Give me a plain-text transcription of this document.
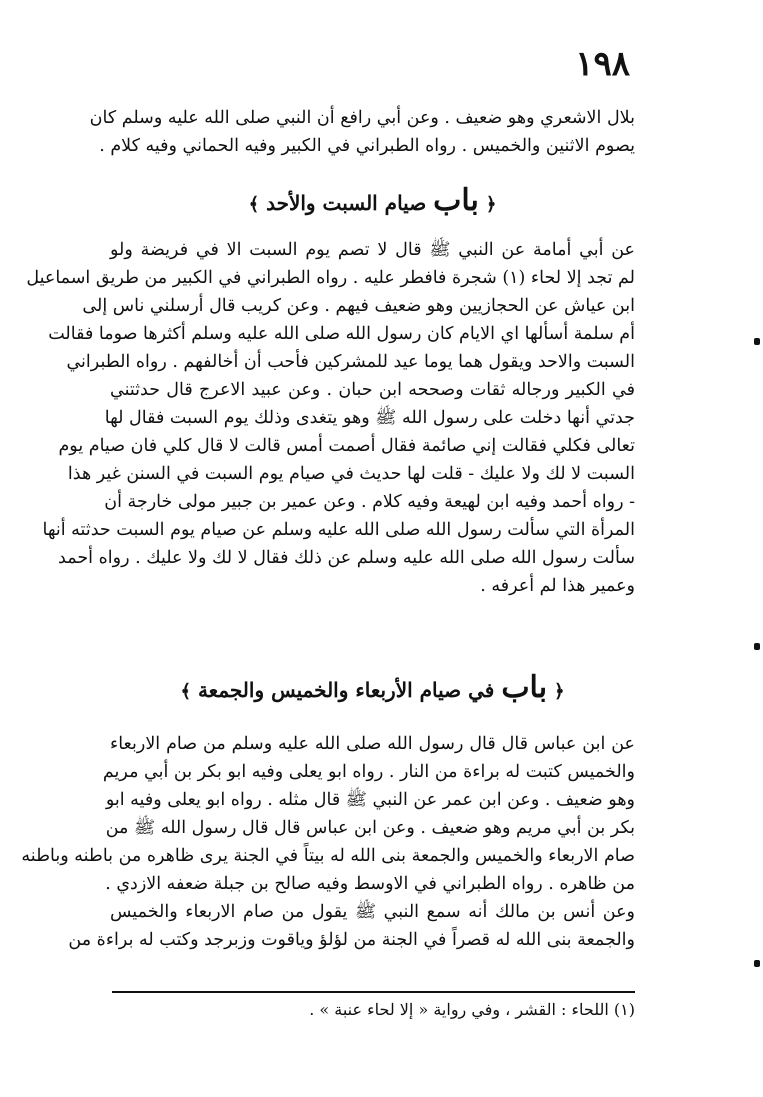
١٩٨
بلال الاشعري وهو ضعيف . وعن أبي رافع أن النبي صلى الله عليه وسلم كان
يصوم الاثنين والخميس . رواه الطبراني في الكبير وفيه الحماني وفيه كلام .
﴿ باب صيام السبت والأحد ﴾
عن أبي أمامة عن النبي ﷺ قال لا تصم يوم السبت الا في فريضة ولو
لم تجد إلا لحاء (١) شجرة فافطر عليه . رواه الطبراني في الكبير من طريق اسماعيل
ابن عياش عن الحجازيين وهو ضعيف فيهم . وعن كريب قال أرسلني ناس إلى
أم سلمة أسألها اي الايام كان رسول الله صلى الله عليه وسلم أكثرها صوما فقالت
السبت والاحد ويقول هما يوما عيد للمشركين فأحب أن أخالفهم . رواه الطبراني
في الكبير ورجاله ثقات وصححه ابن حبان . وعن عبيد الاعرج قال حدثتني
جدتي أنها دخلت على رسول الله ﷺ وهو يتغدى وذلك يوم السبت فقال لها
تعالى فكلي فقالت إني صائمة فقال أصمت أمس قالت لا قال كلي فان صيام يوم
السبت لا لك ولا عليك - قلت لها حديث في صيام يوم السبت في السنن غير هذا
- رواه أحمد وفيه ابن لهيعة وفيه كلام . وعن عمير بن جبير مولى خارجة أن
المرأة التي سألت رسول الله صلى الله عليه وسلم عن صيام يوم السبت حدثته أنها
سألت رسول الله صلى الله عليه وسلم عن ذلك فقال لا لك ولا عليك . رواه أحمد
وعمير هذا لم أعرفه .
﴿ باب في صيام الأربعاء والخميس والجمعة ﴾
عن ابن عباس قال قال رسول الله صلى الله عليه وسلم من صام الاربعاء
والخميس كتبت له براءة من النار . رواه ابو يعلى وفيه ابو بكر بن أبي مريم
وهو ضعيف . وعن ابن عمر عن النبي ﷺ قال مثله . رواه ابو يعلى وفيه ابو
بكر بن أبي مريم وهو ضعيف . وعن ابن عباس قال قال رسول الله ﷺ من
صام الاربعاء والخميس والجمعة بنى الله له بيتاً في الجنة يرى ظاهره من باطنه وباطنه
من ظاهره . رواه الطبراني في الاوسط وفيه صالح بن جبلة ضعفه الازدي .
وعن أنس بن مالك أنه سمع النبي ﷺ يقول من صام الاربعاء والخميس
والجمعة بنى الله له قصراً في الجنة من لؤلؤ وياقوت وزبرجد وكتب له براءة من
(١) اللحاء : القشر ، وفي رواية « إلا لحاء عنبة » .
